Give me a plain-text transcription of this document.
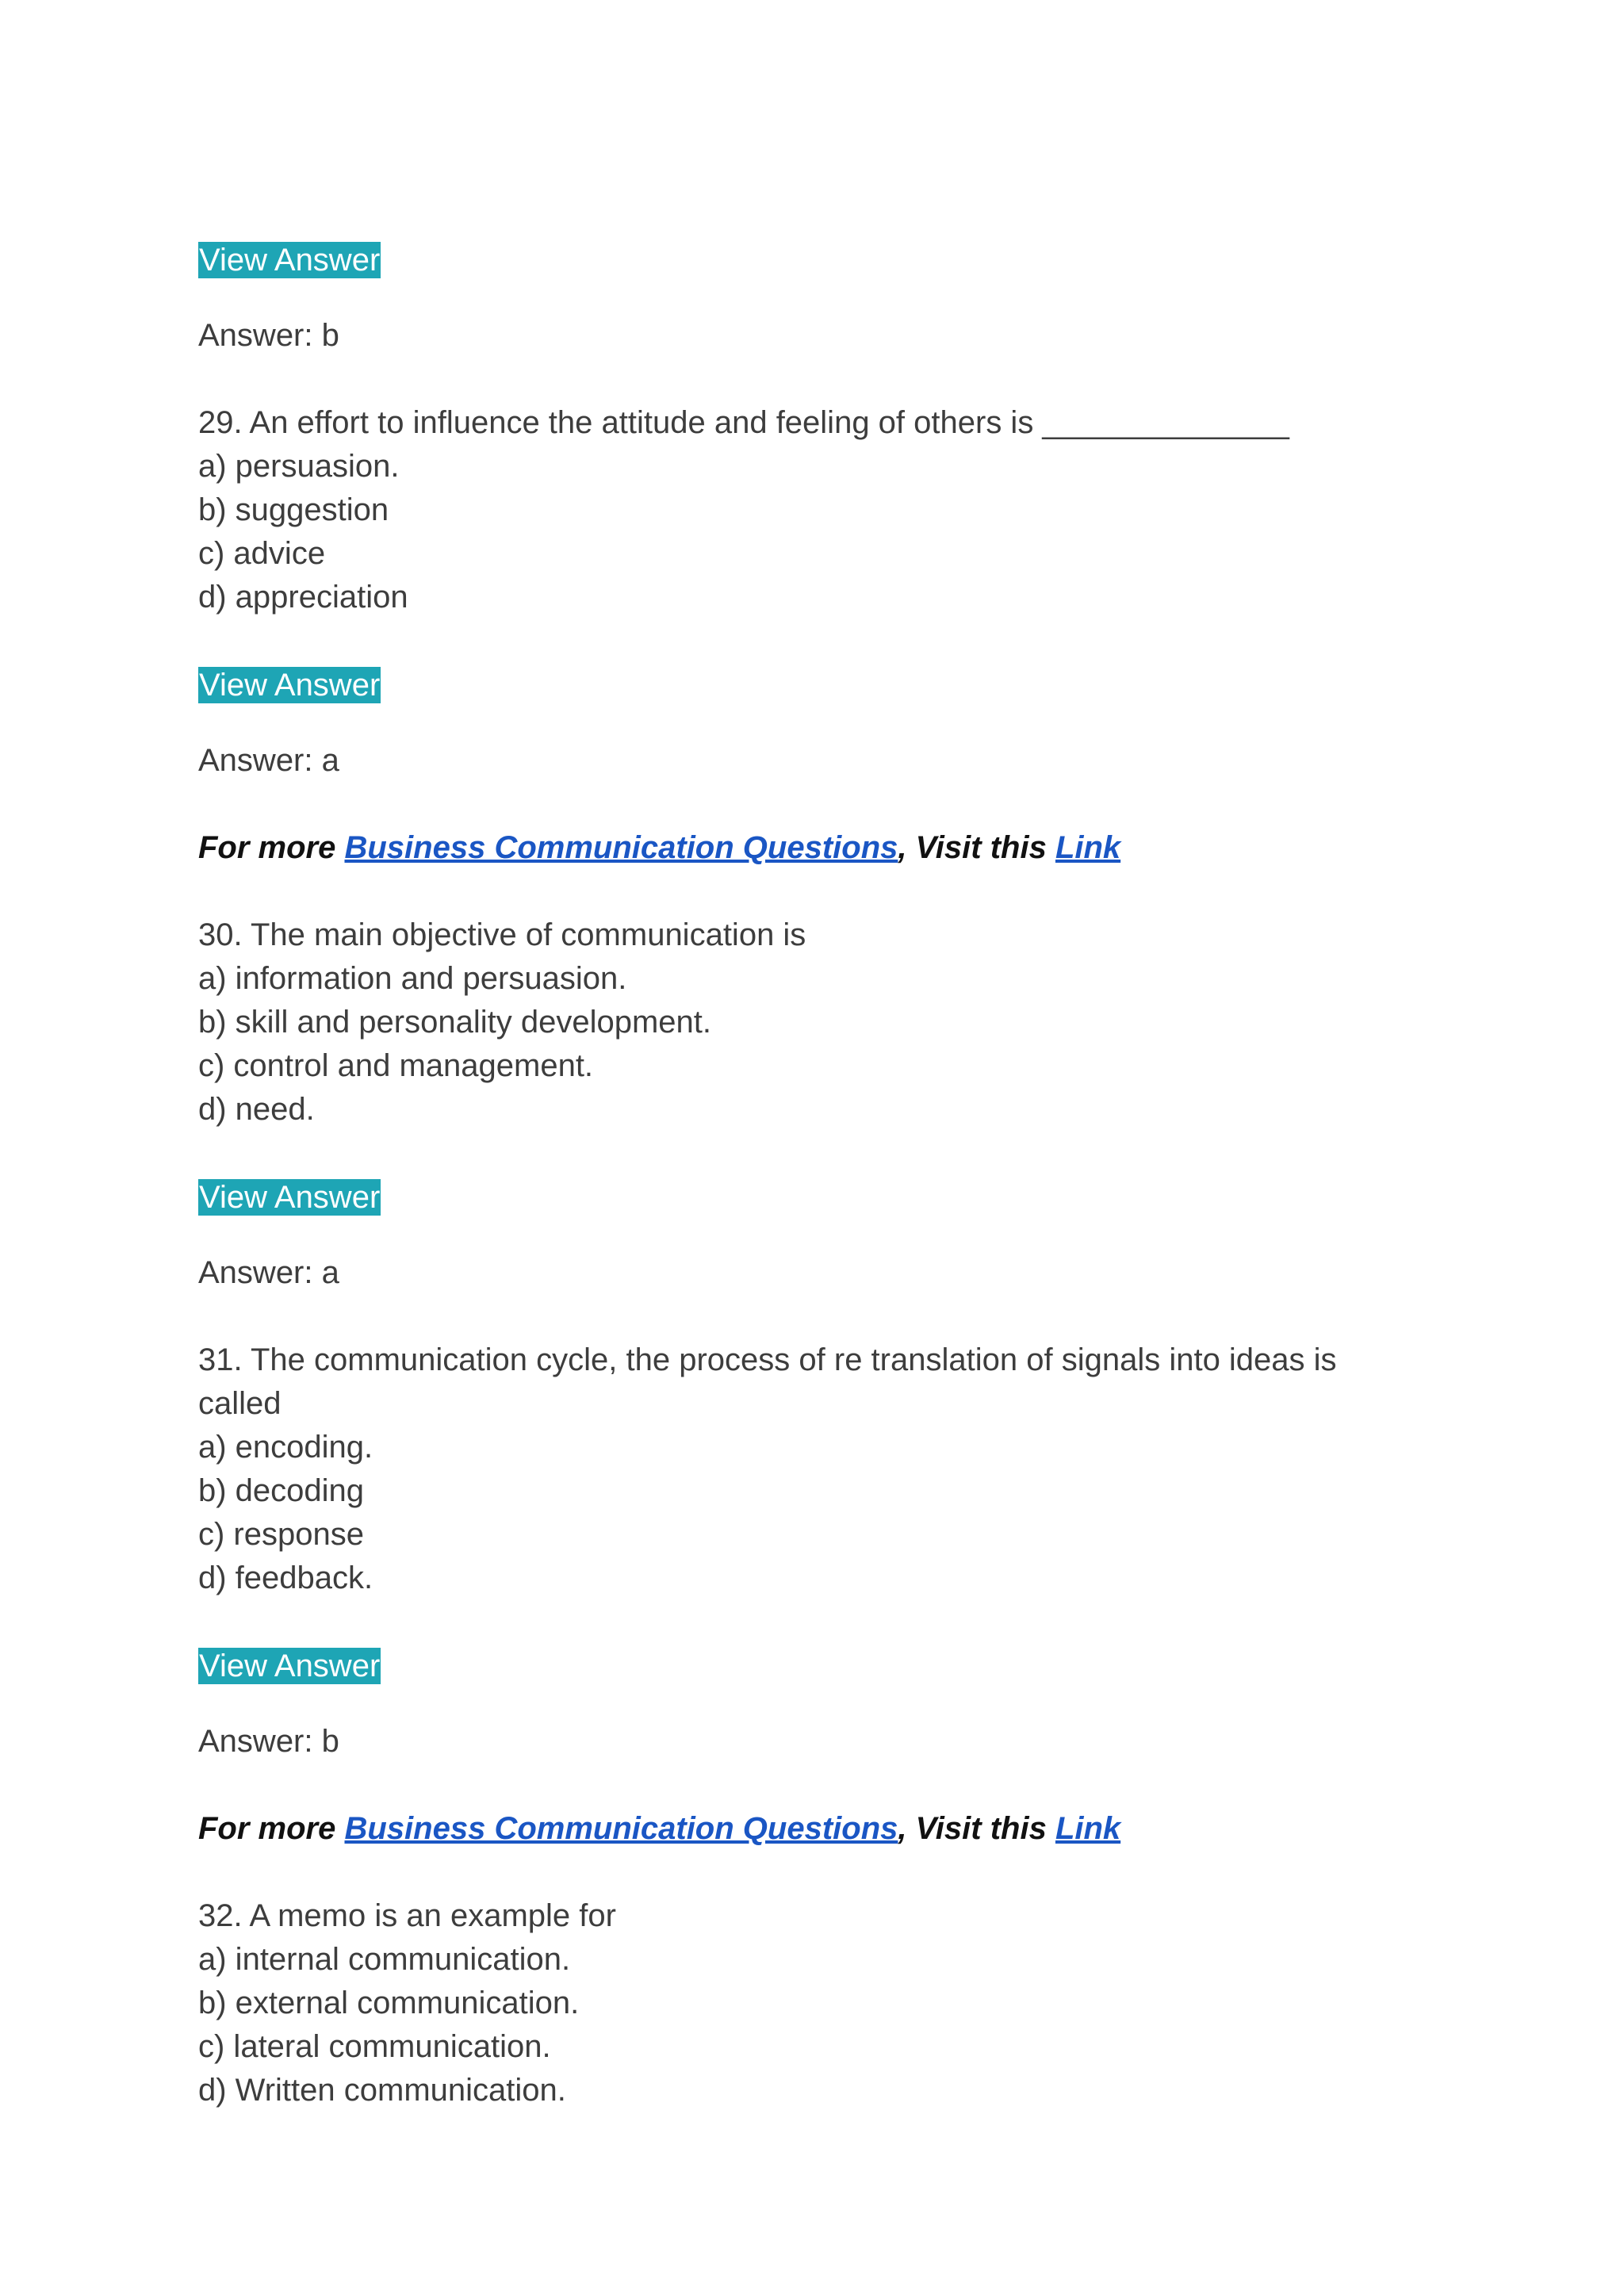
View Answer
Answer: b
29. An effort to influence the attitude and feeling of others is ______________
a) persuasion.
b) suggestion
c) advice
d) appreciation
View Answer
Answer: a
For more Business Communication Questions, Visit this Link
30. The main objective of communication is
a) information and persuasion.
b) skill and personality development.
c) control and management.
d) need.
View Answer
Answer: a
31. The communication cycle, the process of re translation of signals into ideas is called
a) encoding.
b) decoding
c) response
d) feedback.
View Answer
Answer: b
For more Business Communication Questions, Visit this Link
32. A memo is an example for
a) internal communication.
b) external communication.
c) lateral communication.
d) Written communication.
